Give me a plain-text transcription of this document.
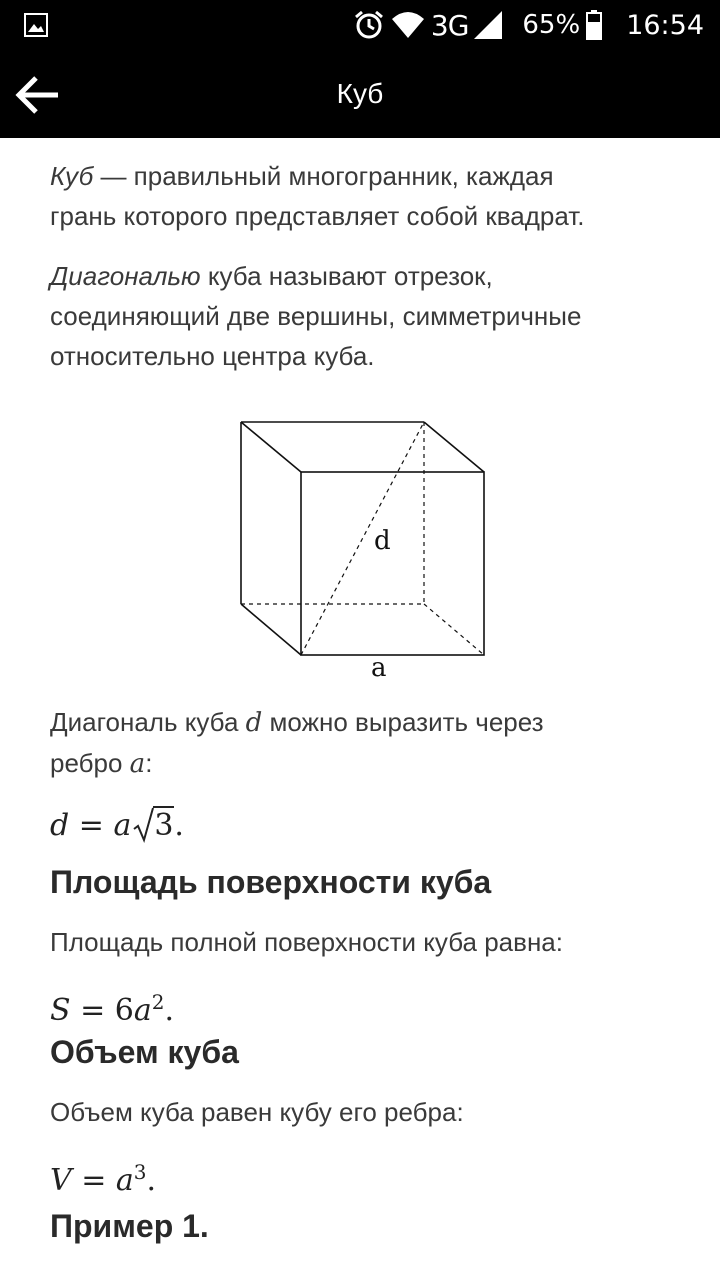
3G 65% 16:54
Куб

Куб — правильный многогранник, каждая

грань которого представляет собой квадрат.

Диагональю куба называют отрезок,

соединяющий две вершины, симметричные

относительно центра куба.

d
a

Диагональ куба d можно выразить через

ребро a:

d = a 3.
Площадь поверхности куба

Площадь полной поверхности куба равна:

$S = 6a^2$.
Объем куба

Объем куба равен кубу его ребра:

$V = a^3$.
Пример 1.
